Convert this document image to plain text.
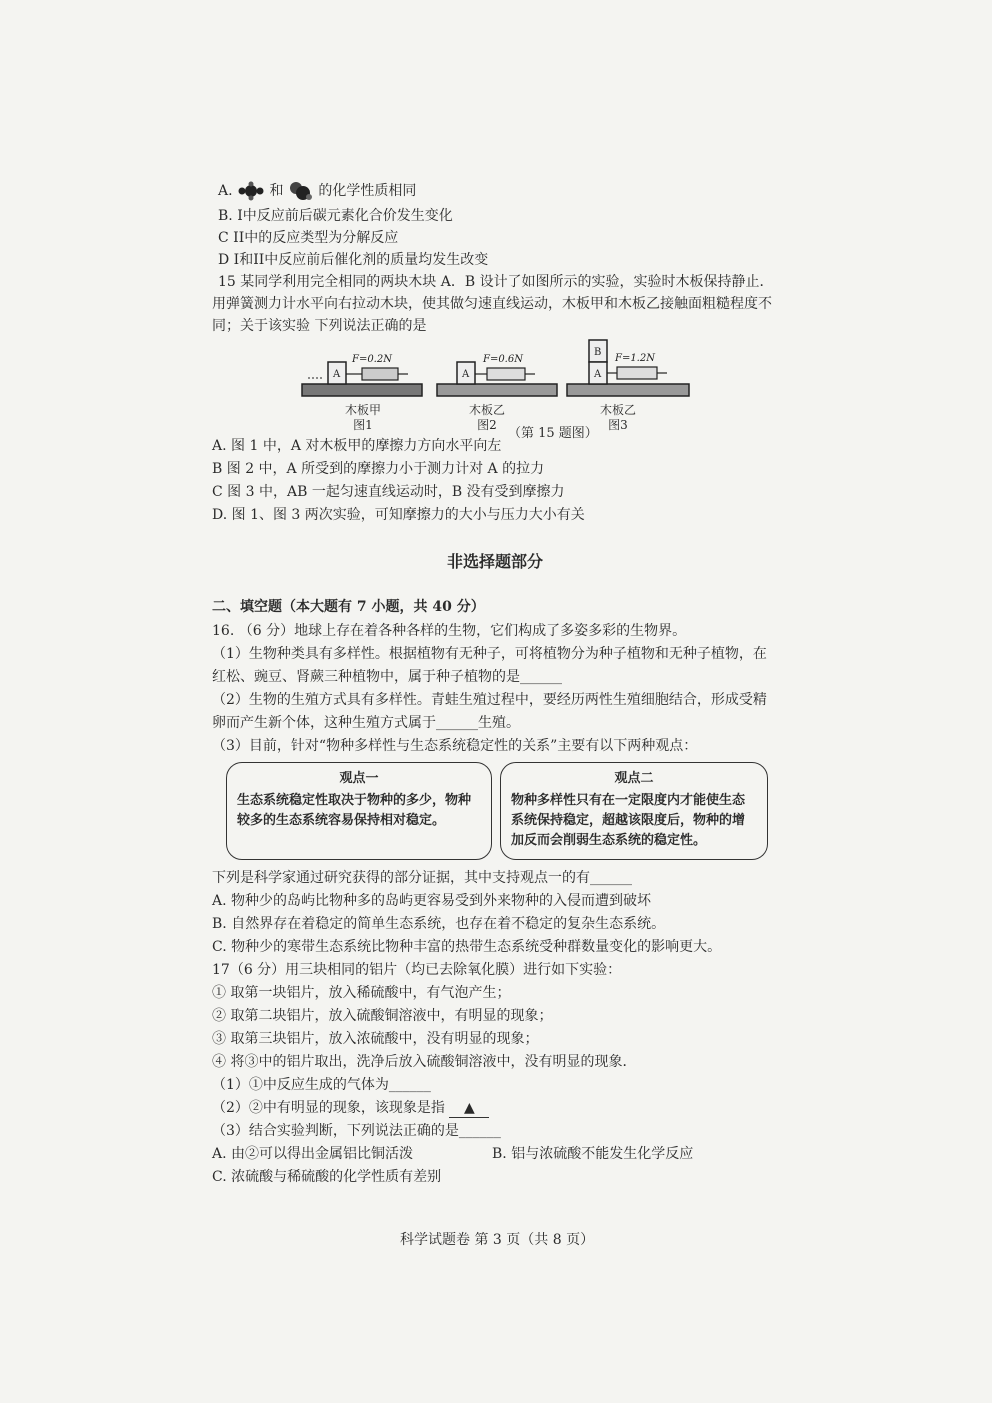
A.	和 的化学性质相同
B. I中反应前后碳元素化合价发生变化
C II中的反应类型为分解反应
D I和II中反应前后催化剂的质量均发生改变
15 某同学利用完全相同的两块木块 A．B 设计了如图所示的实验，实验时木板保持静止．
用弹簧测力计水平向右拉动木块，使其做匀速直线运动，木板甲和木板乙接触面粗糙程度不
同；关于该实验 下列说法正确的是
A
F=0.2N
木板甲
图1
A
F=0.6N
木板乙
图2
B
A
F=1.2N
木板乙
图3
（第 15 题图）
A. 图 1 中，A 对木板甲的摩擦力方向水平向左
B 图 2 中，A 所受到的摩擦力小于测力计对 A 的拉力
C 图 3 中，AB 一起匀速直线运动时，B 没有受到摩擦力
D. 图 1、图 3 两次实验，可知摩擦力的大小与压力大小有关
非选择题部分
二、填空题（本大题有 7 小题，共 40 分）
16. （6 分）地球上存在着各种各样的生物，它们构成了多姿多彩的生物界。
（1）生物种类具有多样性。根据植物有无种子，可将植物分为种子植物和无种子植物，在
红松、豌豆、肾蕨三种植物中，属于种子植物的是______
（2）生物的生殖方式具有多样性。青蛙生殖过程中，要经历两性生殖细胞结合，形成受精
卵而产生新个体，这种生殖方式属于______生殖。
（3）目前，针对“物种多样性与生态系统稳定性的关系”主要有以下两种观点：
观点一
生态系统稳定性取决于物种的多少，物种较多的生态系统容易保持相对稳定。
观点二
物种多样性只有在一定限度内才能使生态系统保持稳定，超越该限度后，物种的增加反而会削弱生态系统的稳定性。
下列是科学家通过研究获得的部分证据，其中支持观点一的有______
A. 物种少的岛屿比物种多的岛屿更容易受到外来物种的入侵而遭到破坏
B. 自然界存在着稳定的简单生态系统，也存在着不稳定的复杂生态系统。
C. 物种少的寒带生态系统比物种丰富的热带生态系统受种群数量变化的影响更大。
17（6 分）用三块相同的铝片（均已去除氧化膜）进行如下实验：
① 取第一块铝片，放入稀硫酸中，有气泡产生；
② 取第二块铝片，放入硫酸铜溶液中，有明显的现象；
③ 取第三块铝片，放入浓硫酸中，没有明显的现象；
④ 将③中的铝片取出，洗净后放入硫酸铜溶液中，没有明显的现象．
（1）①中反应生成的气体为______
（2）②中有明显的现象，该现象是指 ▲
（3）结合实验判断，下列说法正确的是______
A. 由②可以得出金属铝比铜活泼	B. 铝与浓硫酸不能发生化学反应
C. 浓硫酸与稀硫酸的化学性质有差别
科学试题卷 第 3 页（共 8 页）
